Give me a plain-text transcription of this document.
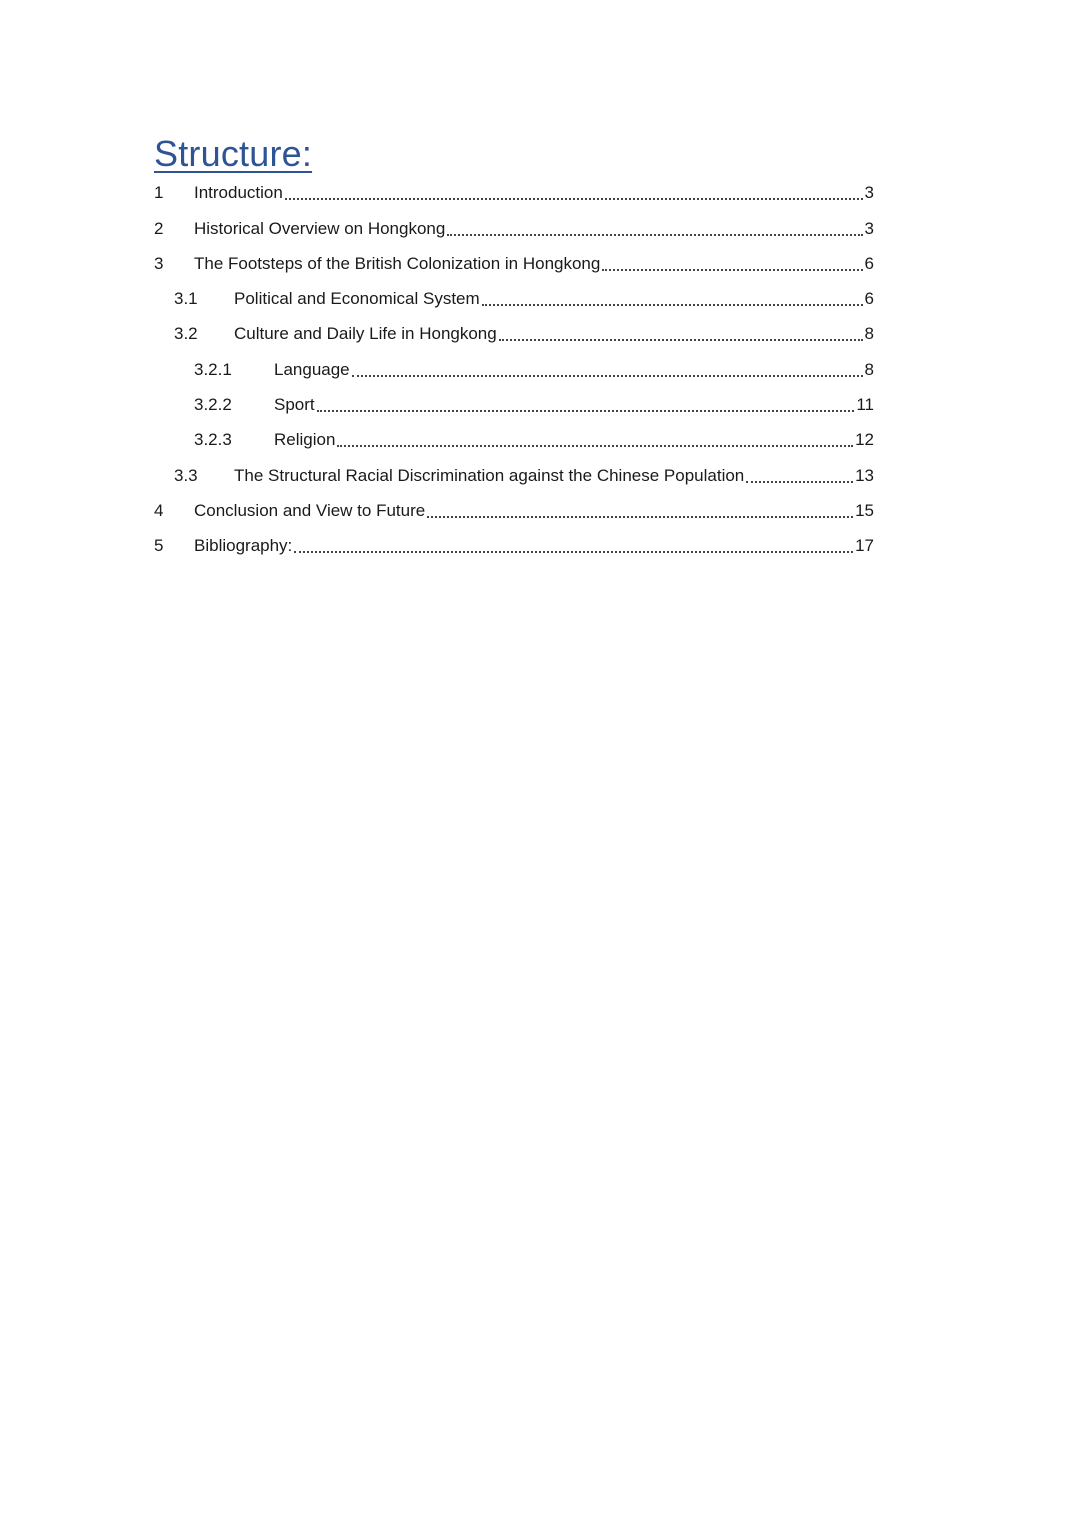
Structure:
1 Introduction	3
2 Historical Overview on Hongkong	3
3 The Footsteps of the British Colonization in Hongkong	6
3.1 Political and Economical System	6
3.2 Culture and Daily Life in Hongkong	8
3.2.1 Language	8
3.2.2 Sport	11
3.2.3 Religion	12
3.3 The Structural Racial Discrimination against the Chinese Population	13
4 Conclusion and View to Future	15
5 Bibliography:	17
